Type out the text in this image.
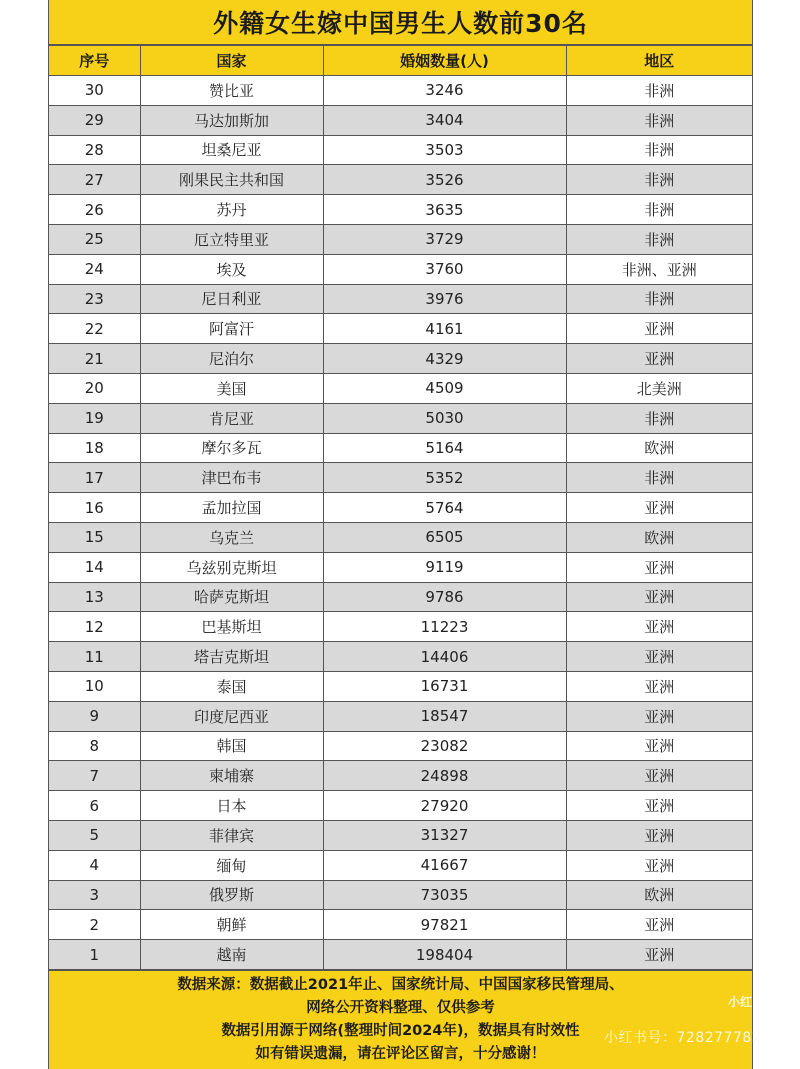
外籍女生嫁中国男生人数前30名
序号	国家	婚姻数量(人)	地区
30	赞比亚	3246	非洲
29	马达加斯加	3404	非洲
28	坦桑尼亚	3503	非洲
27	刚果民主共和国	3526	非洲
26	苏丹	3635	非洲
25	厄立特里亚	3729	非洲
24	埃及	3760	非洲、亚洲
23	尼日利亚	3976	非洲
22	阿富汗	4161	亚洲
21	尼泊尔	4329	亚洲
20	美国	4509	北美洲
19	肯尼亚	5030	非洲
18	摩尔多瓦	5164	欧洲
17	津巴布韦	5352	非洲
16	孟加拉国	5764	亚洲
15	乌克兰	6505	欧洲
14	乌兹别克斯坦	9119	亚洲
13	哈萨克斯坦	9786	亚洲
12	巴基斯坦	11223	亚洲
11	塔吉克斯坦	14406	亚洲
10	泰国	16731	亚洲
9	印度尼西亚	18547	亚洲
8	韩国	23082	亚洲
7	柬埔寨	24898	亚洲
6	日本	27920	亚洲
5	菲律宾	31327	亚洲
4	缅甸	41667	亚洲
3	俄罗斯	73035	欧洲
2	朝鲜	97821	亚洲
1	越南	198404	亚洲
数据来源：数据截止2021年止、国家统计局、中国国家移民管理局、
网络公开资料整理、仅供参考
数据引用源于网络(整理时间2024年)，数据具有时效性
如有错误遗漏，请在评论区留言，十分感谢！
小红
小红书号：728277782
